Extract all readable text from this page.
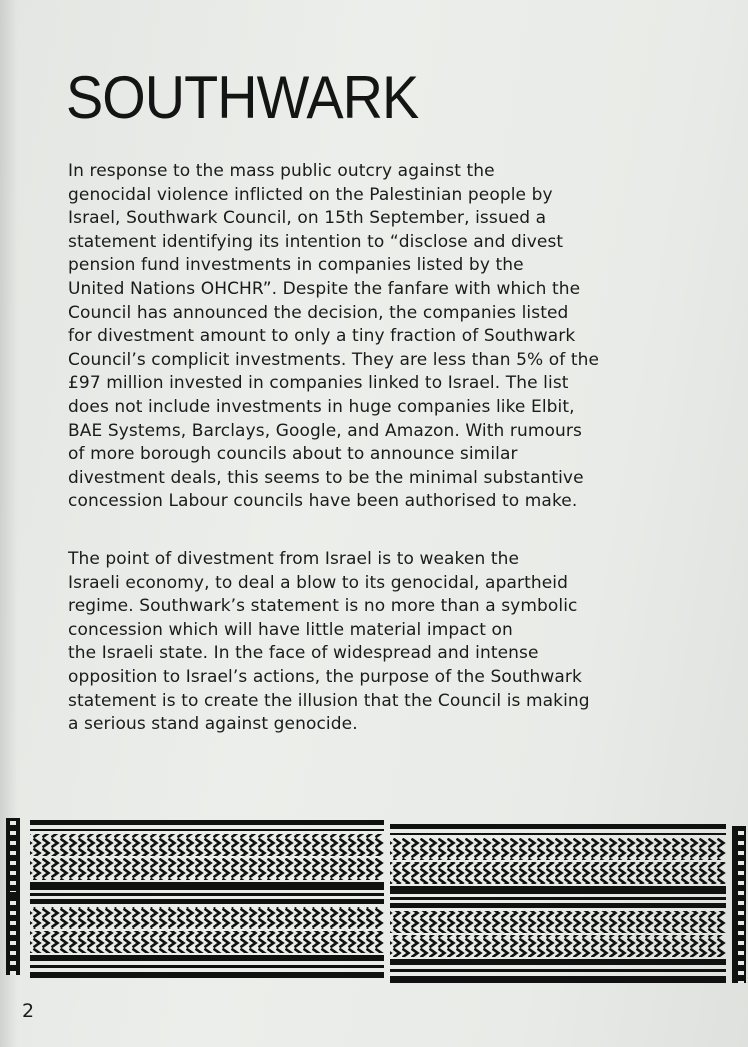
SOUTHWARK
In response to the mass public outcry against the
genocidal violence inflicted on the Palestinian people by
Israel, Southwark Council, on 15th September, issued a
statement identifying its intention to “disclose and divest
pension fund investments in companies listed by the
United Nations OHCHR”. Despite the fanfare with which the
Council has announced the decision, the companies listed
for divestment amount to only a tiny fraction of Southwark
Council’s complicit investments. They are less than 5% of the
£97 million invested in companies linked to Israel. The list
does not include investments in huge companies like Elbit,
BAE Systems, Barclays, Google, and Amazon. With rumours
of more borough councils about to announce similar
divestment deals, this seems to be the minimal substantive
concession Labour councils have been authorised to make.
The point of divestment from Israel is to weaken the
Israeli economy, to deal a blow to its genocidal, apartheid
regime. Southwark’s statement is no more than a symbolic
concession which will have little material impact on
the Israeli state. In the face of widespread and intense
opposition to Israel’s actions, the purpose of the Southwark
statement is to create the illusion that the Council is making
a serious stand against genocide.
2
